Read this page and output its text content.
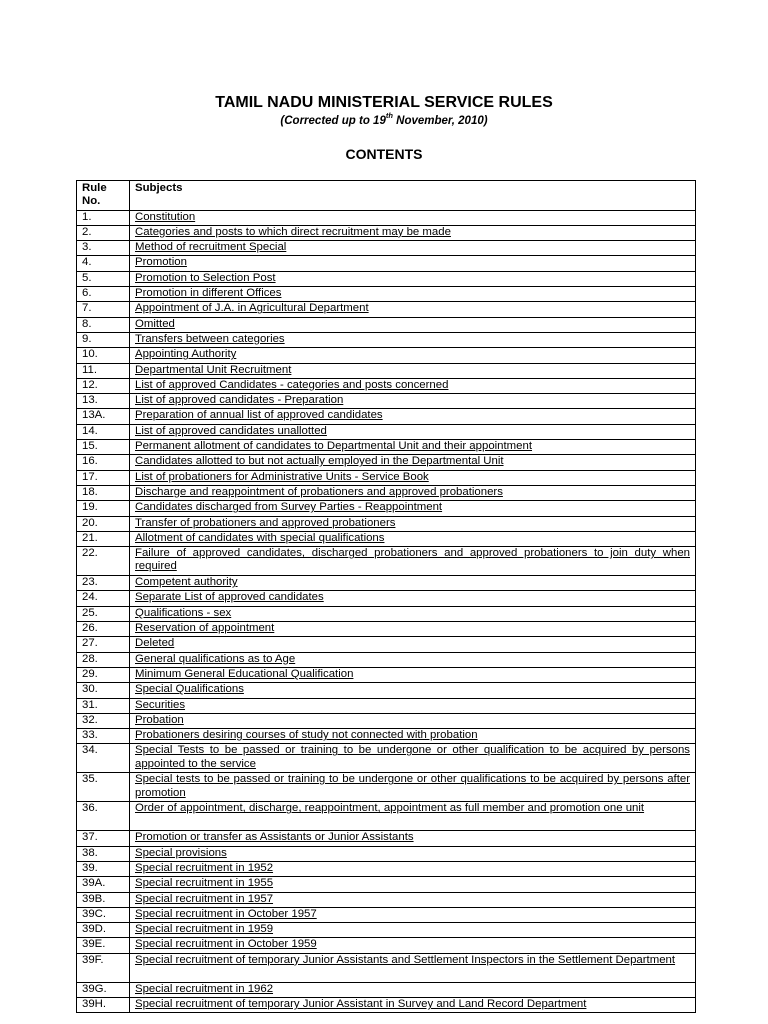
TAMIL NADU MINISTERIAL SERVICE RULES

(Corrected up to 19th November, 2010)

CONTENTS
Rule No.	Subjects
1.	Constitution
2.	Categories and posts to which direct recruitment may be made
3.	Method of recruitment Special
4.	Promotion
5.	Promotion to Selection Post
6.	Promotion in different Offices
7.	Appointment of J.A. in Agricultural Department
8.	Omitted
9.	Transfers between categories
10.	Appointing Authority
11.	Departmental Unit Recruitment
12.	List of approved Candidates - categories and posts concerned
13.	List of approved candidates - Preparation
13A.	Preparation of annual list of approved candidates
14.	List of approved candidates unallotted
15.	Permanent allotment of candidates to Departmental Unit and their appointment
16.	Candidates allotted to but not actually employed in the Departmental Unit
17.	List of probationers for Administrative Units - Service Book
18.	Discharge and reappointment of probationers and approved probationers
19.	Candidates discharged from Survey Parties - Reappointment
20.	Transfer of probationers and approved probationers
21.	Allotment of candidates with special qualifications
22.	Failure of approved candidates, discharged probationers and approved probationers to join duty when required
23.	Competent authority
24.	Separate List of approved candidates
25.	Qualifications - sex
26.	Reservation of appointment
27.	Deleted
28.	General qualifications as to Age
29.	Minimum General Educational Qualification
30.	Special Qualifications
31.	Securities
32.	Probation
33.	Probationers desiring courses of study not connected with probation
34.	Special Tests to be passed or training to be undergone or other qualification to be acquired by persons appointed to the service
35.	Special tests to be passed or training to be undergone or other qualifications to be acquired by persons after promotion
36.	Order of appointment, discharge, reappointment, appointment as full member and promotion one unit
37.	Promotion or transfer as Assistants or Junior Assistants
38.	Special provisions
39.	Special recruitment in 1952
39A.	Special recruitment in 1955
39B.	Special recruitment in 1957
39C.	Special recruitment in October 1957
39D.	Special recruitment in 1959
39E.	Special recruitment in October 1959
39F.	Special recruitment of temporary Junior Assistants and Settlement Inspectors in the Settlement Department
39G.	Special recruitment in 1962
39H.	Special recruitment of temporary Junior Assistant in Survey and Land Record Department
